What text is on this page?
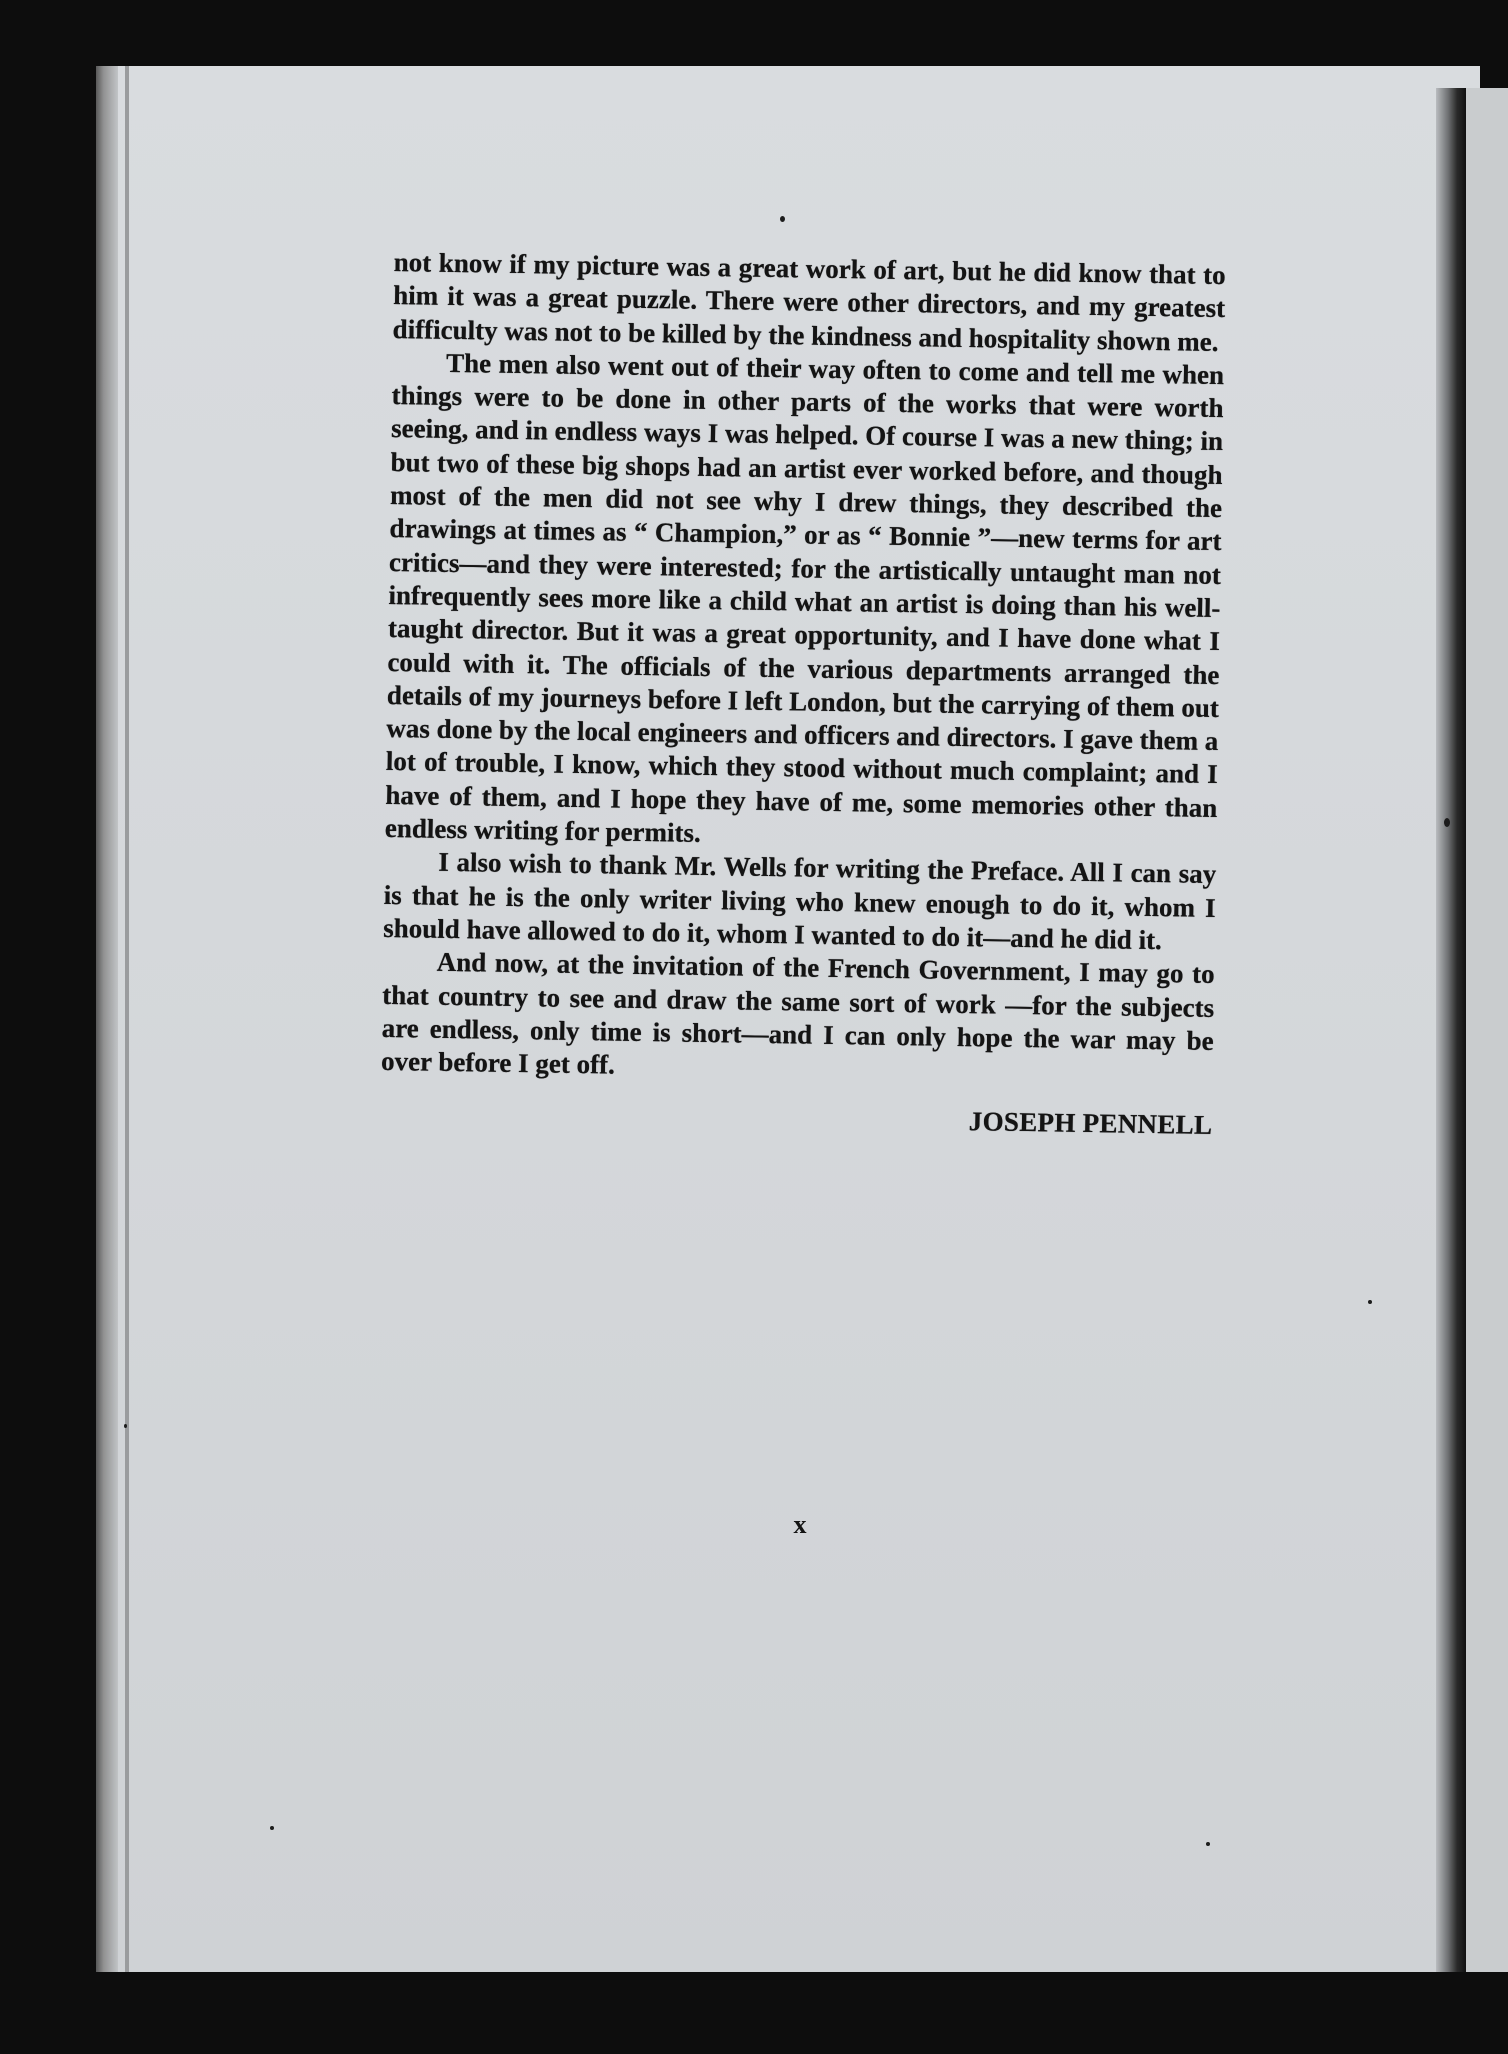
not know if my picture was a great work of art, but he did know that to him it was a great puzzle. There were other directors, and my greatest difficulty was not to be killed by the kindness and hospitality shown me.

The men also went out of their way often to come and tell me when things were to be done in other parts of the works that were worth seeing, and in endless ways I was helped. Of course I was a new thing; in but two of these big shops had an artist ever worked before, and though most of the men did not see why I drew things, they described the drawings at times as “ Champion,” or as “ Bonnie ”—new terms for art critics—and they were interested; for the artistically untaught man not infrequently sees more like a child what an artist is doing than his well-taught director. But it was a great opportunity, and I have done what I could with it. The officials of the various departments arranged the details of my journeys before I left London, but the carrying of them out was done by the local engineers and officers and directors. I gave them a lot of trouble, I know, which they stood without much complaint; and I have of them, and I hope they have of me, some memories other than endless writing for permits.

I also wish to thank Mr. Wells for writing the Preface. All I can say is that he is the only writer living who knew enough to do it, whom I should have allowed to do it, whom I wanted to do it—and he did it.

And now, at the invitation of the French Government, I may go to that country to see and draw the same sort of work —for the subjects are endless, only time is short—and I can only hope the war may be over before I get off.

JOSEPH PENNELL

x
